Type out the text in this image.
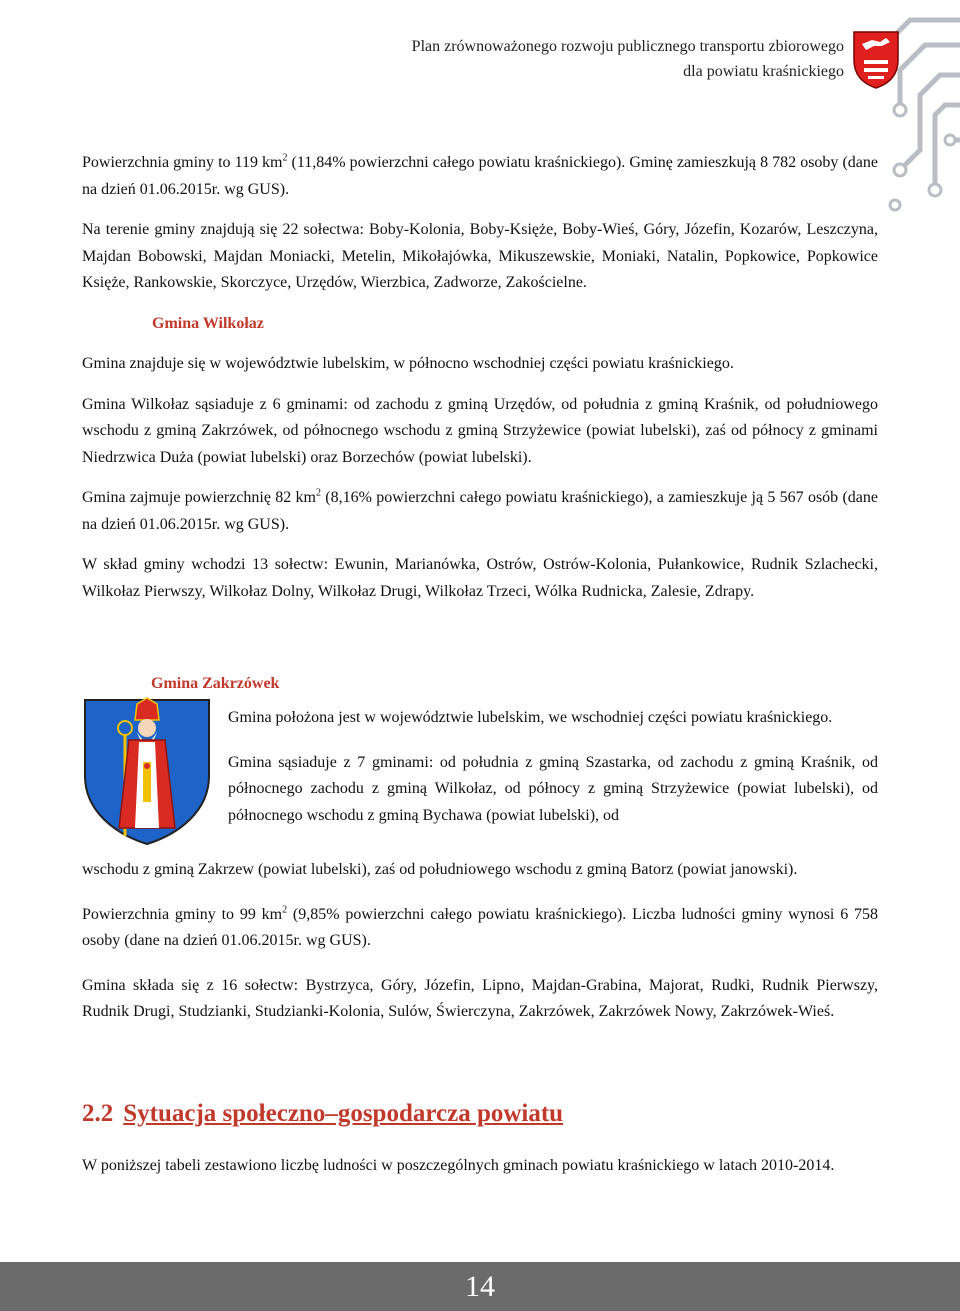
Plan zrównoważonego rozwoju publicznego transportu zbiorowego
dla powiatu kraśnickiego

Powierzchnia gminy to 119 $km^2$ (11,84% powierzchni całego powiatu kraśnickiego). Gminę zamieszkują 8 782 osoby (dane na dzień 01.06.2015r. wg GUS).

Na terenie gminy znajdują się 22 sołectwa: Boby-Kolonia, Boby-Księże, Boby-Wieś, Góry, Józefin, Kozarów, Leszczyna, Majdan Bobowski, Majdan Moniacki, Metelin, Mikołajówka, Mikuszewskie, Moniaki, Natalin, Popkowice, Popkowice Księże, Rankowskie, Skorczyce, Urzędów, Wierzbica, Zadworze, Zakościelne.

Gmina Wilkołaz

Gmina znajduje się w województwie lubelskim, w północno wschodniej części powiatu kraśnickiego.

Gmina Wilkołaz sąsiaduje z 6 gminami: od zachodu z gminą Urzędów, od południa z gminą Kraśnik, od południowego wschodu z gminą Zakrzówek, od północnego wschodu z gminą Strzyżewice (powiat lubelski), zaś od północy z gminami Niedrzwica Duża (powiat lubelski) oraz Borzechów (powiat lubelski).

Gmina zajmuje powierzchnię 82 $km^2$ (8,16% powierzchni całego powiatu kraśnickiego), a zamieszkuje ją 5 567 osób (dane na dzień 01.06.2015r. wg GUS).

W skład gminy wchodzi 13 sołectw: Ewunin, Marianówka, Ostrów, Ostrów-Kolonia, Pułankowice, Rudnik Szlachecki, Wilkołaz Pierwszy, Wilkołaz Dolny, Wilkołaz Drugi, Wilkołaz Trzeci, Wólka Rudnicka, Zalesie, Zdrapy.

Gmina Zakrzówek

Gmina położona jest w województwie lubelskim, we wschodniej części powiatu kraśnickiego.

Gmina sąsiaduje z 7 gminami: od południa z gminą Szastarka, od zachodu z gminą Kraśnik, od północnego zachodu z gminą Wilkołaz, od północy z gminą Strzyżewice (powiat lubelski), od północnego wschodu z gminą Bychawa (powiat lubelski), od

wschodu z gminą Zakrzew (powiat lubelski), zaś od południowego wschodu z gminą Batorz (powiat janowski).

Powierzchnia gminy to 99 $km^2$ (9,85% powierzchni całego powiatu kraśnickiego). Liczba ludności gminy wynosi 6 758 osoby (dane na dzień 01.06.2015r. wg GUS).

Gmina składa się z 16 sołectw: Bystrzyca, Góry, Józefin, Lipno, Majdan-Grabina, Majorat, Rudki, Rudnik Pierwszy, Rudnik Drugi, Studzianki, Studzianki-Kolonia, Sulów, Świerczyna, Zakrzówek, Zakrzówek Nowy, Zakrzówek-Wieś.

2.2 Sytuacja społeczno–gospodarcza powiatu
W poniższej tabeli zestawiono liczbę ludności w poszczególnych gminach powiatu kraśnickiego w latach 2010-2014.
14
